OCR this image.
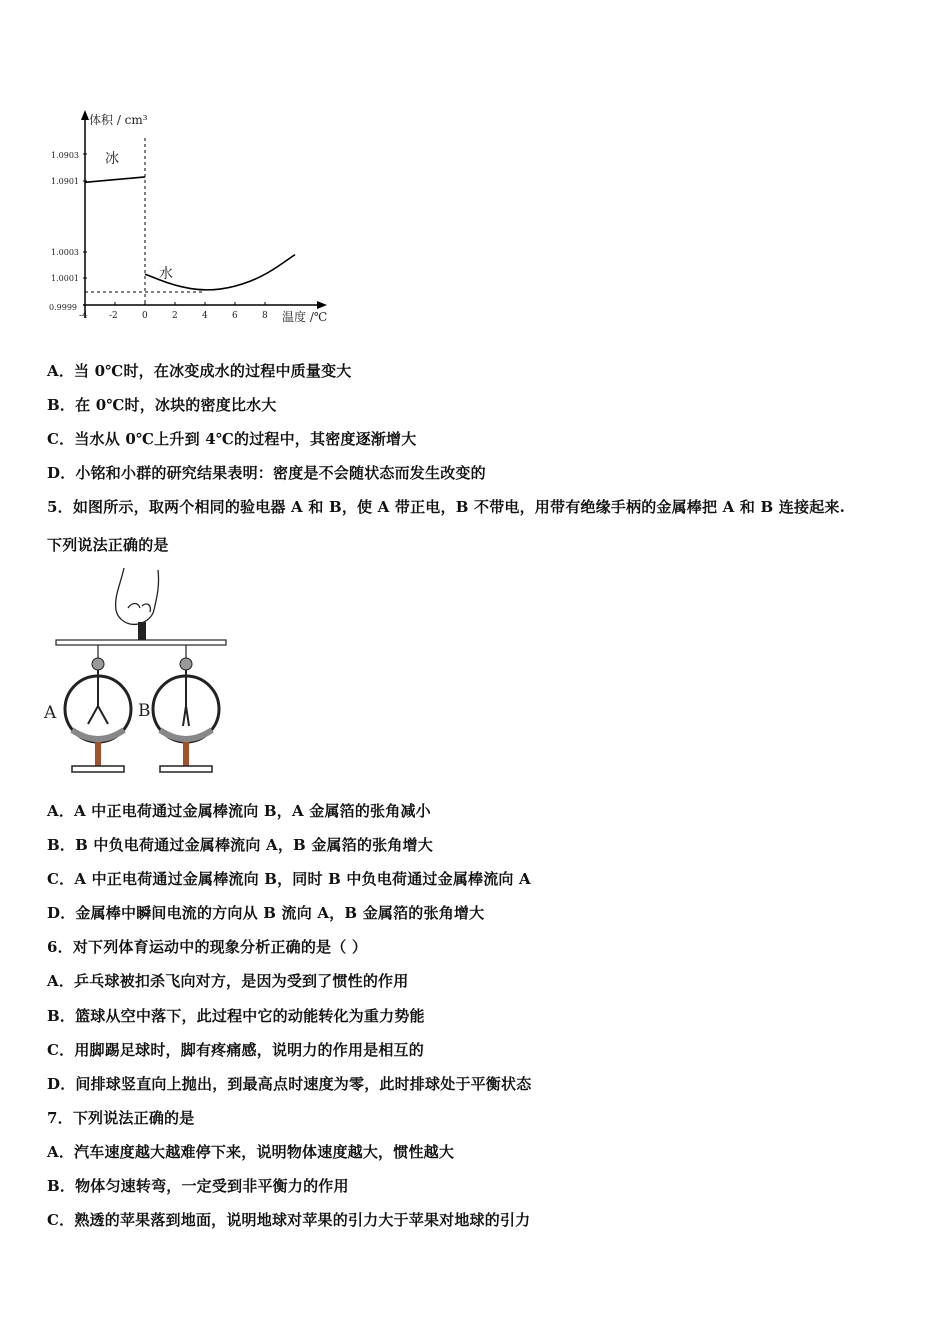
体积 / cm³
1.0903
1.0901
1.0003
1.0001
0.9999
-4 -2	0	2	4	6	8
冰
水
温度 /℃
A．当 0℃时，在冰变成水的过程中质量变大
B．在 0℃时，冰块的密度比水大
C．当水从 0℃上升到 4℃的过程中，其密度逐渐增大
D．小铭和小群的研究结果表明：密度是不会随状态而发生改变的
5．如图所示，取两个相同的验电器 A 和 B，使 A 带正电，B 不带电，用带有绝缘手柄的金属棒把 A 和 B 连接起来.
下列说法正确的是
A	B
A．A 中正电荷通过金属棒流向 B，A 金属箔的张角减小
B．B 中负电荷通过金属棒流向 A，B 金属箔的张角增大
C．A 中正电荷通过金属棒流向 B，同时 B 中负电荷通过金属棒流向 A
D．金属棒中瞬间电流的方向从 B 流向 A，B 金属箔的张角增大
6．对下列体育运动中的现象分析正确的是（ ）
A．乒乓球被扣杀飞向对方，是因为受到了惯性的作用
B．篮球从空中落下，此过程中它的动能转化为重力势能
C．用脚踢足球时，脚有疼痛感，说明力的作用是相互的
D．间排球竖直向上抛出，到最高点时速度为零，此时排球处于平衡状态
7．下列说法正确的是
A．汽车速度越大越难停下来，说明物体速度越大，惯性越大
B．物体匀速转弯，一定受到非平衡力的作用
C．熟透的苹果落到地面，说明地球对苹果的引力大于苹果对地球的引力
